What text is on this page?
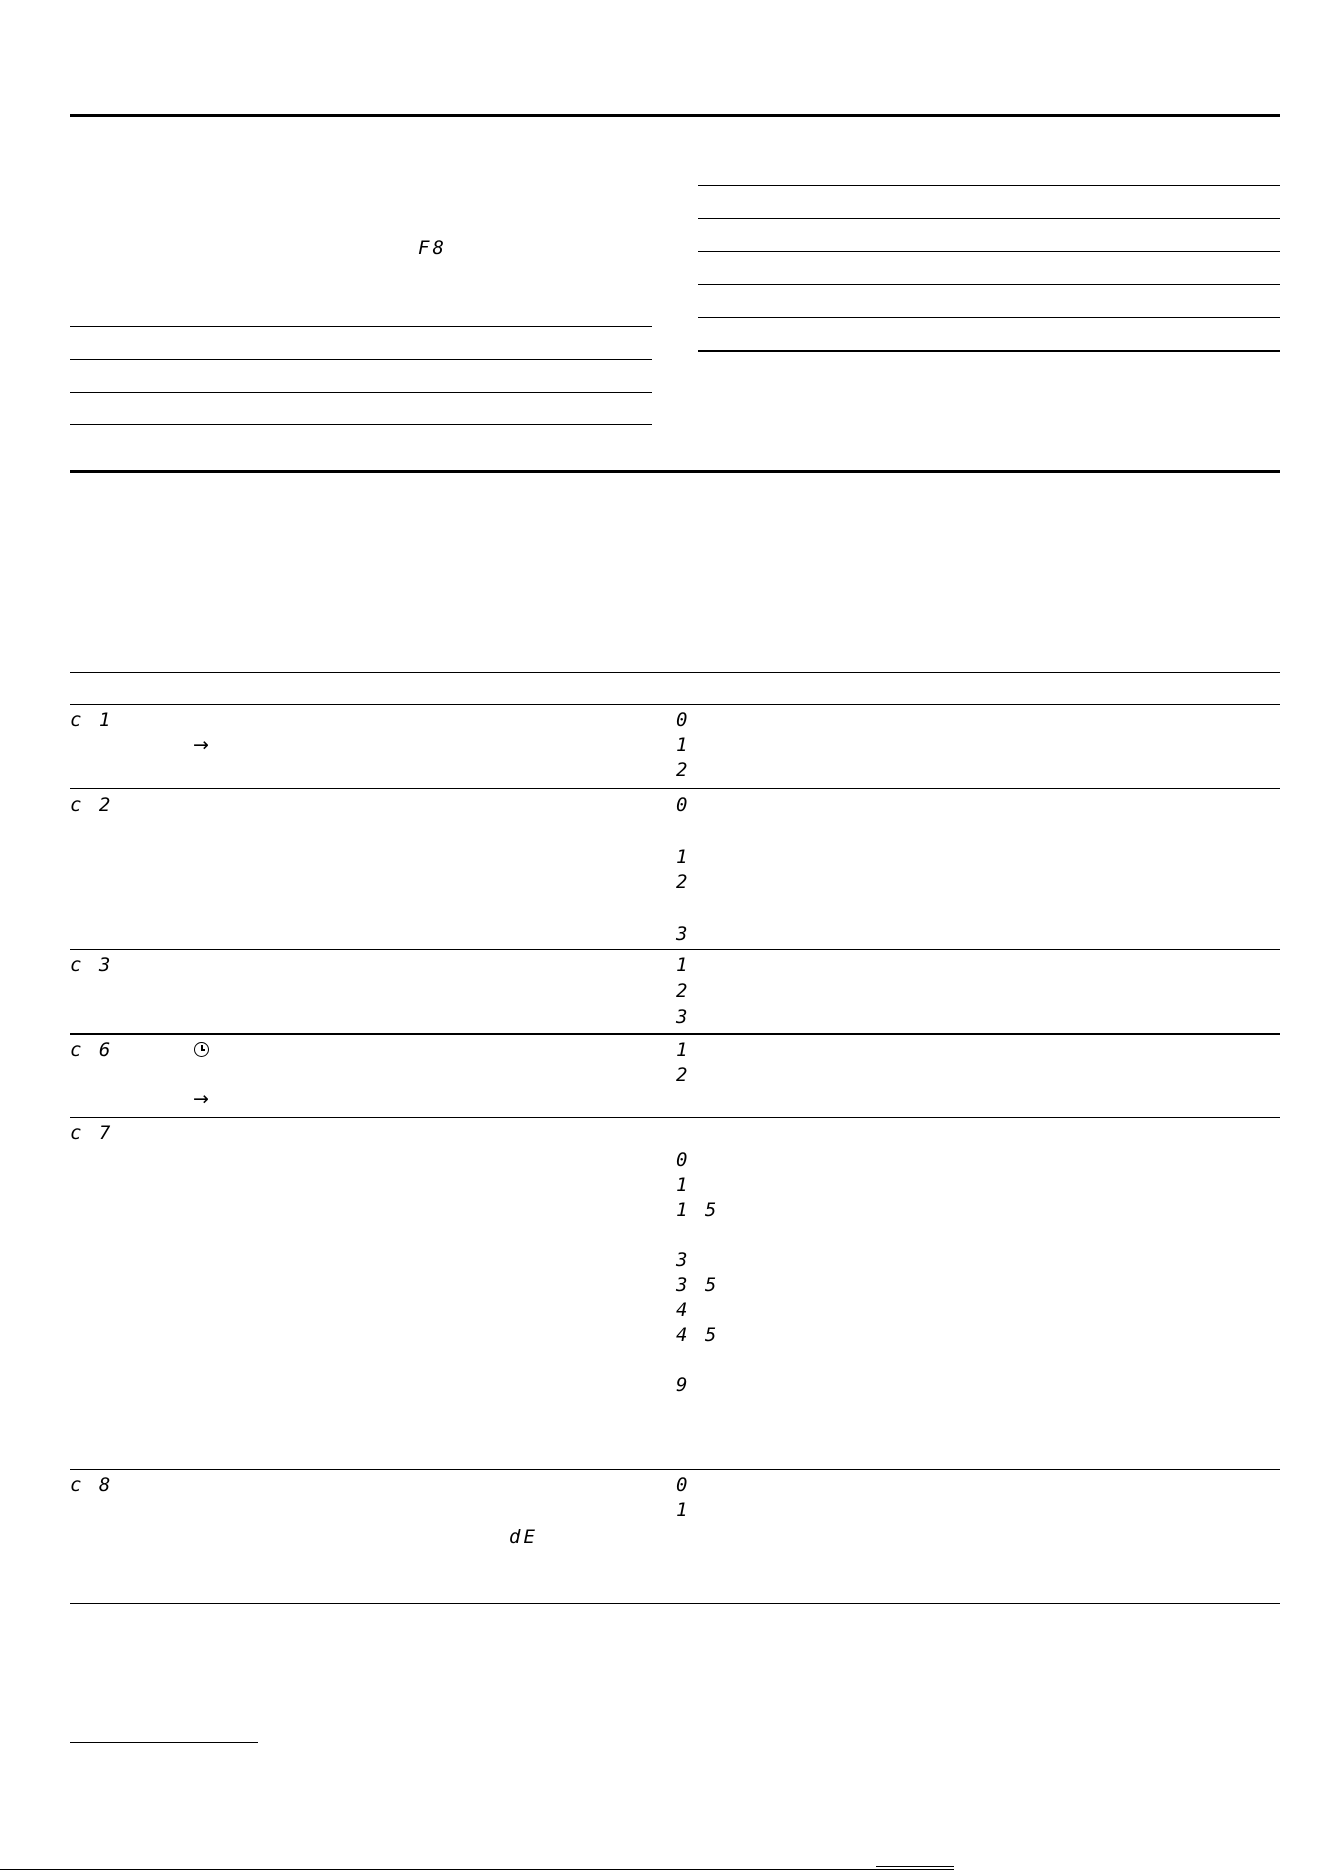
F8
c 1
→
0
1
2
c 2	0
1
2
3
c 3	1
2
3
c 6
→
1
2
c 7
0
1
1 5
3
3 5
4
4 5
9
c 8
dE
0
1
